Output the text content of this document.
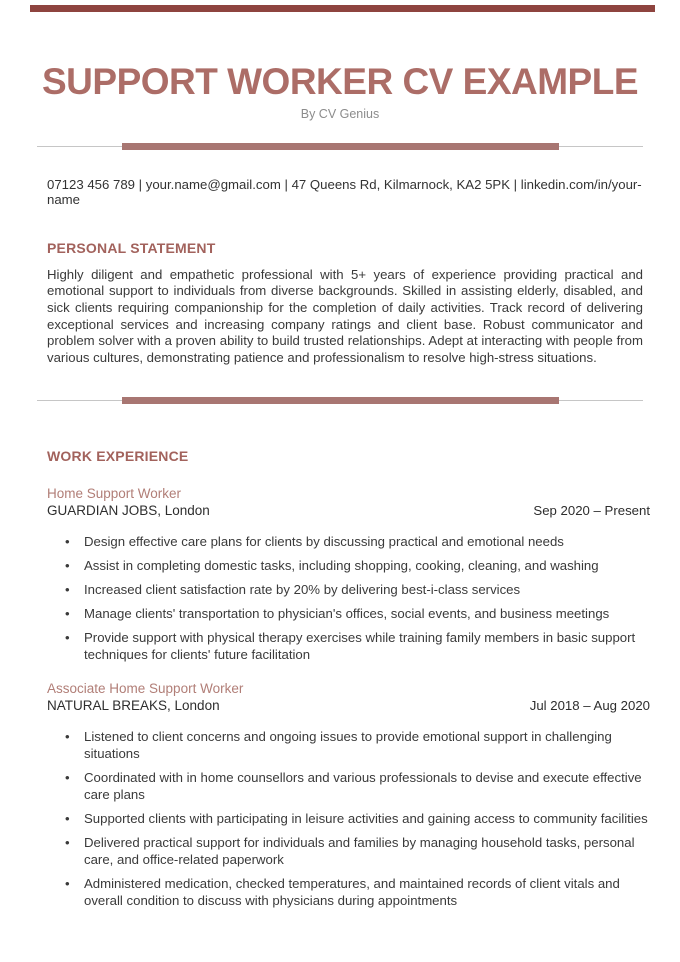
SUPPORT WORKER CV EXAMPLE
By CV Genius
07123 456 789 | your.name@gmail.com | 47 Queens Rd, Kilmarnock, KA2 5PK | linkedin.com/in/your-name
PERSONAL STATEMENT

Highly diligent and empathetic professional with 5+ years of experience providing practical and emotional support to individuals from diverse backgrounds. Skilled in assisting elderly, disabled, and sick clients requiring companionship for the completion of daily activities. Track record of delivering exceptional services and increasing company ratings and client base. Robust communicator and problem solver with a proven ability to build trusted relationships. Adept at interacting with people from various cultures, demonstrating patience and professionalism to resolve high-stress situations.

WORK EXPERIENCE
Home Support Worker
GUARDIAN JOBS, London	Sep 2020 – Present
• Design effective care plans for clients by discussing practical and emotional needs
• Assist in completing domestic tasks, including shopping, cooking, cleaning, and washing
• Increased client satisfaction rate by 20% by delivering best-i-class services
• Manage clients' transportation to physician's offices, social events, and business meetings
• Provide support with physical therapy exercises while training family members in basic support techniques for clients' future facilitation
Associate Home Support Worker
NATURAL BREAKS, London	Jul 2018 – Aug 2020
• Listened to client concerns and ongoing issues to provide emotional support in challenging situations
• Coordinated with in home counsellors and various professionals to devise and execute effective care plans
• Supported clients with participating in leisure activities and gaining access to community facilities
• Delivered practical support for individuals and families by managing household tasks, personal care, and office-related paperwork
• Administered medication, checked temperatures, and maintained records of client vitals and overall condition to discuss with physicians during appointments
